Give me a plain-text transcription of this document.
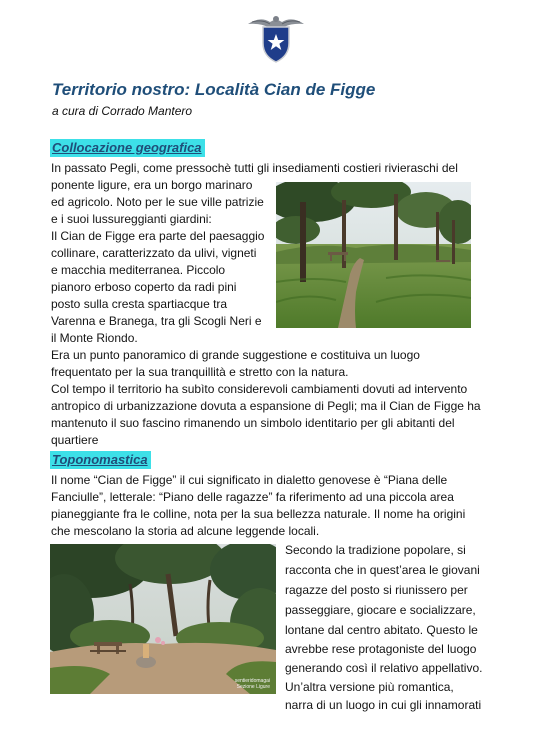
Territorio nostro: Località Cian de Figge

a cura di Corrado Mantero

Collocazione geografica

In passato Pegli, come pressochè tutti gli insediamenti costieri rivieraschi del

ponente ligure, era un borgo marinaro

ed agricolo. Noto per le sue ville patrizie

e i suoi lussureggianti giardini:

Il Cian de Figge era parte del paesaggio

collinare, caratterizzato da ulivi, vigneti

e macchia mediterranea. Piccolo

pianoro erboso coperto da radi pini

posto sulla cresta spartiacque tra

Varenna e Branega, tra gli Scogli Neri e

il Monte Riondo.

Era un punto panoramico di grande suggestione e costituiva un luogo

frequentato per la sua tranquillità e stretto con la natura.

Col tempo il territorio ha subìto considerevoli cambiamenti dovuti ad intervento

antropico di urbanizzazione dovuta a espansione di Pegli; ma il Cian de Figge ha

mantenuto il suo fascino rimanendo un simbolo identitario per gli abitanti del

quartiere

Toponomastica

Il nome “Cian de Figge” il cui significato in dialetto genovese è “Piana delle

Fanciulle”, letterale: “Piano delle ragazze” fa riferimento ad una piccola area

pianeggiante fra le colline, nota per la sua bellezza naturale. Il nome ha origini

che mescolano la storia ad alcune leggende locali.

Secondo la tradizione popolare, si

racconta che in quest’area le giovani

ragazze del posto si riunissero per

passeggiare, giocare e socializzare,

lontane dal centro abitato. Questo le

avrebbe rese protagoniste del luogo

generando così il relativo appellativo.

Un’altra versione più romantica,

narra di un luogo in cui gli innamorati

sentieridomagai
Sezione Ligure
